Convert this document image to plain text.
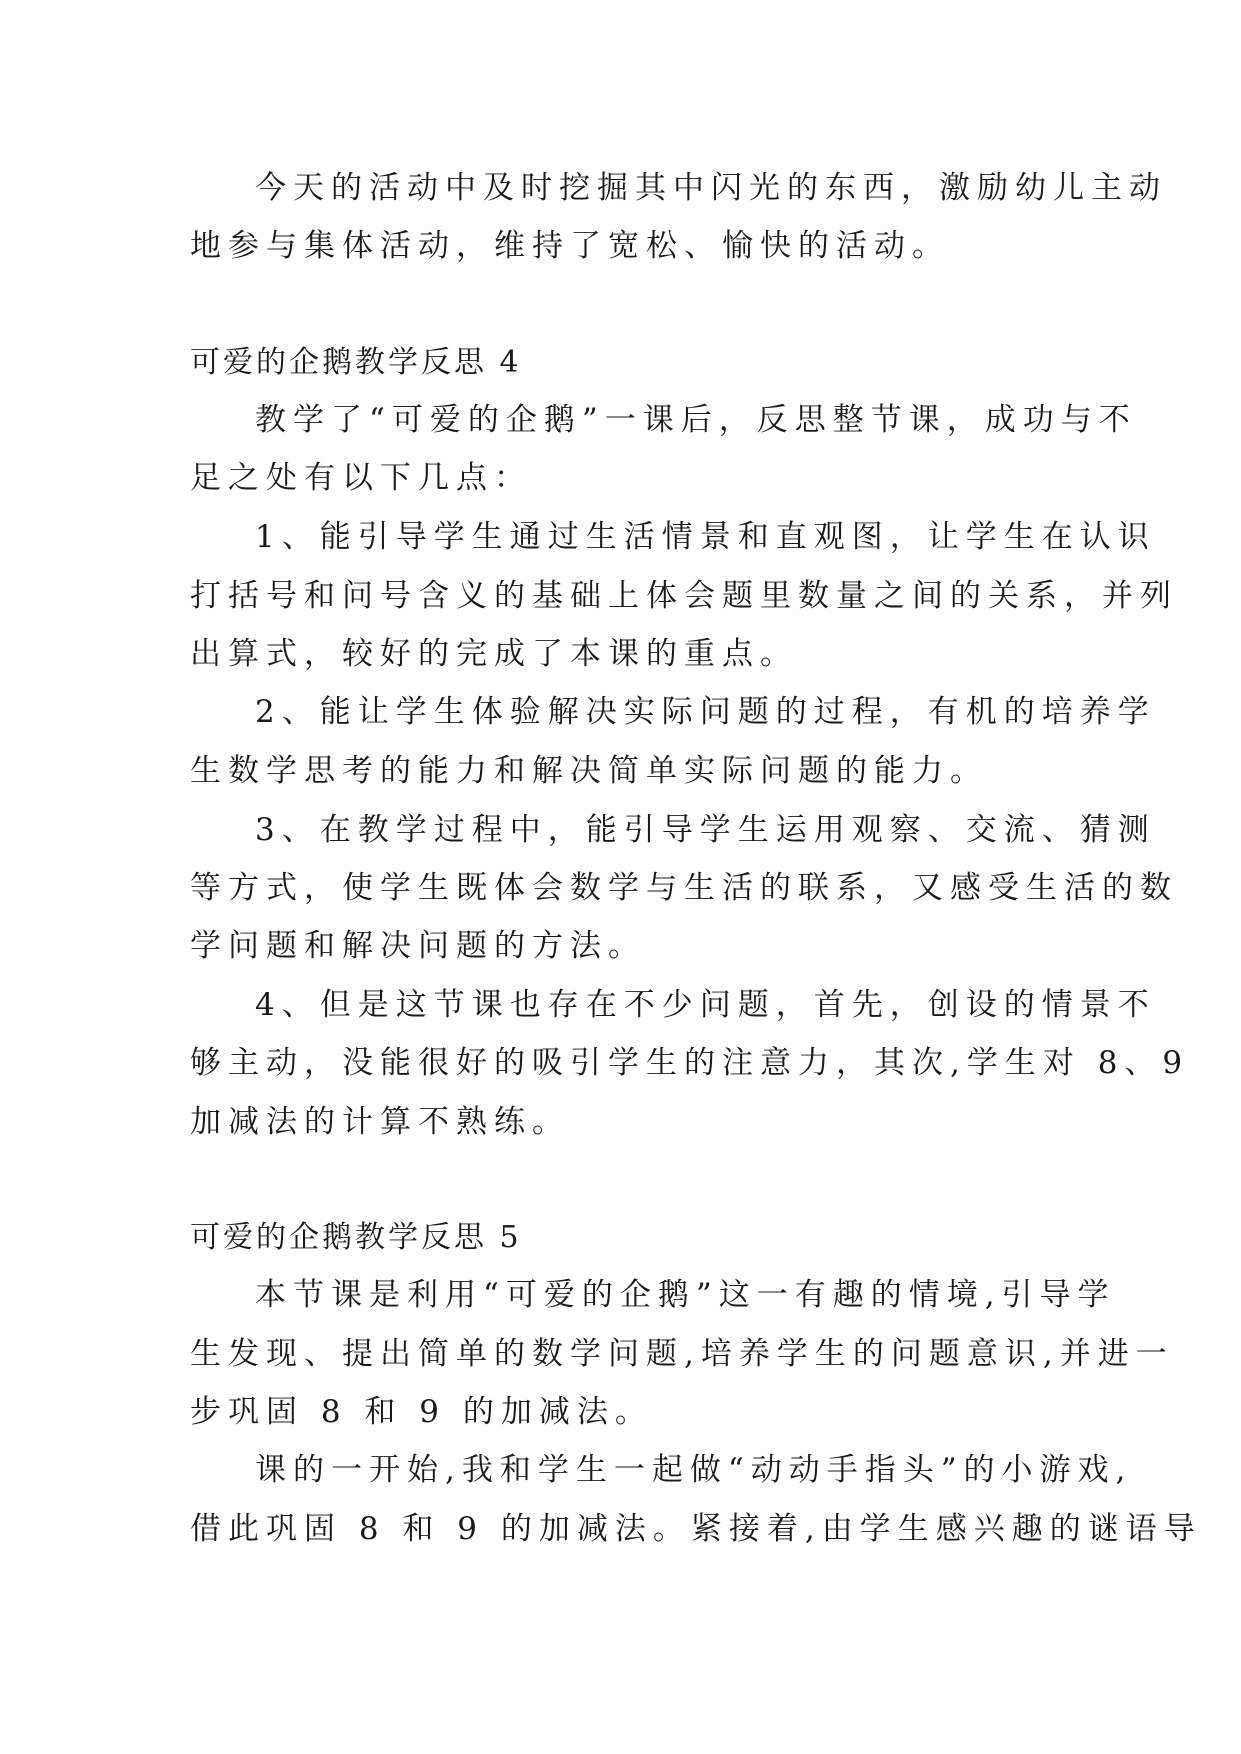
今天的活动中及时挖掘其中闪光的东西，激励幼儿主动
地参与集体活动，维持了宽松、愉快的活动。
可爱的企鹅教学反思 4
教学了“可爱的企鹅”一课后，反思整节课，成功与不
足之处有以下几点：
1、能引导学生通过生活情景和直观图，让学生在认识
打括号和问号含义的基础上体会题里数量之间的关系，并列
出算式，较好的完成了本课的重点。
2、能让学生体验解决实际问题的过程，有机的培养学
生数学思考的能力和解决简单实际问题的能力。
3、在教学过程中，能引导学生运用观察、交流、猜测
等方式，使学生既体会数学与生活的联系，又感受生活的数
学问题和解决问题的方法。
4、但是这节课也存在不少问题，首先，创设的情景不
够主动，没能很好的吸引学生的注意力，其次,学生对 8、9
加减法的计算不熟练。
可爱的企鹅教学反思 5
本节课是利用“可爱的企鹅”这一有趣的情境,引导学
生发现、提出简单的数学问题,培养学生的问题意识,并进一
步巩固 8 和 9 的加减法。
课的一开始,我和学生一起做“动动手指头”的小游戏,
借此巩固 8 和 9 的加减法。紧接着,由学生感兴趣的谜语导
